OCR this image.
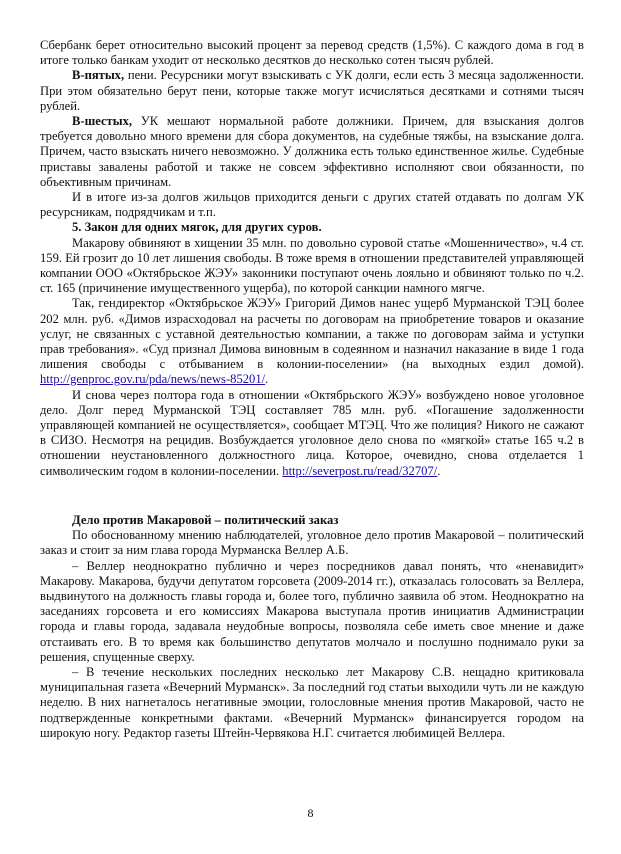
Сбербанк берет относительно высокий процент за перевод средств (1,5%). С каждого дома в год в итоге только банкам уходит от несколько десятков до несколько сотен тысяч рублей.

В-пятых, пени. Ресурсники могут взыскивать с УК долги, если есть 3 месяца задолженности. При этом обязательно берут пени, которые также могут исчисляться десятками и сотнями тысяч рублей.

В-шестых, УК мешают нормальной работе должники. Причем, для взыскания долгов требуется довольно много времени для сбора документов, на судебные тяжбы, на взыскание долга. Причем, часто взыскать ничего невозможно. У должника есть только единственное жилье. Судебные приставы завалены работой и также не совсем эффективно исполняют свои обязанности, по объективным причинам.

И в итоге из-за долгов жильцов приходится деньги с других статей отдавать по долгам УК ресурсникам, подрядчикам и т.п.

5. Закон для одних мягок, для других суров.

Макарову обвиняют в хищении 35 млн. по довольно суровой статье «Мошенничество», ч.4 ст. 159. Ей грозит до 10 лет лишения свободы. В тоже время в отношении представителей управляющей компании ООО «Октябрьское ЖЭУ» законники поступают очень лояльно и обвиняют только по ч.2. ст. 165 (причинение имущественного ущерба), по которой санкции намного мягче.

Так, гендиректор «Октябрьское ЖЭУ» Григорий Димов нанес ущерб Мурманской ТЭЦ более 202 млн. руб. «Димов израсходовал на расчеты по договорам на приобретение товаров и оказание услуг, не связанных с уставной деятельностью компании, а также по договорам займа и уступки прав требования». «Суд признал Димова виновным в содеянном и назначил наказание в виде 1 года лишения свободы с отбыванием в колонии-поселении» (на выходных ездил домой). http://genproc.gov.ru/pda/news/news-85201/.

И снова через полтора года в отношении «Октябрьского ЖЭУ» возбуждено новое уголовное дело. Долг перед Мурманской ТЭЦ составляет 785 млн. руб. «Погашение задолженности управляющей компанией не осуществляется», сообщает МТЭЦ. Что же полиция? Никого не сажают в СИЗО. Несмотря на рецидив. Возбуждается уголовное дело снова по «мягкой» статье 165 ч.2 в отношении неустановленного должностного лица. Которое, очевидно, снова отделается 1 символическим годом в колонии-поселении. http://severpost.ru/read/32707/.

Дело против Макаровой – политический заказ

По обоснованному мнению наблюдателей, уголовное дело против Макаровой – политический заказ и стоит за ним глава города Мурманска Веллер А.Б.

– Веллер неоднократно публично и через посредников давал понять, что «ненавидит» Макарову. Макарова, будучи депутатом горсовета (2009-2014 гг.), отказалась голосовать за Веллера, выдвинутого на должность главы города и, более того, публично заявила об этом. Неоднократно на заседаниях горсовета и его комиссиях Макарова выступала против инициатив Администрации города и главы города, задавала неудобные вопросы, позволяла себе иметь свое мнение и даже отстаивать его. В то время как большинство депутатов молчало и послушно поднимало руки за решения, спущенные сверху.

– В течение нескольких последних несколько лет Макарову С.В. нещадно критиковала муниципальная газета «Вечерний Мурманск». За последний год статьи выходили чуть ли не каждую неделю. В них нагнеталось негативные эмоции, голословные мнения против Макаровой, часто не подтвержденные конкретными фактами. «Вечерний Мурманск» финансируется городом на широкую ногу. Редактор газеты Штейн-Червякова Н.Г. считается любимицей Веллера.

8
